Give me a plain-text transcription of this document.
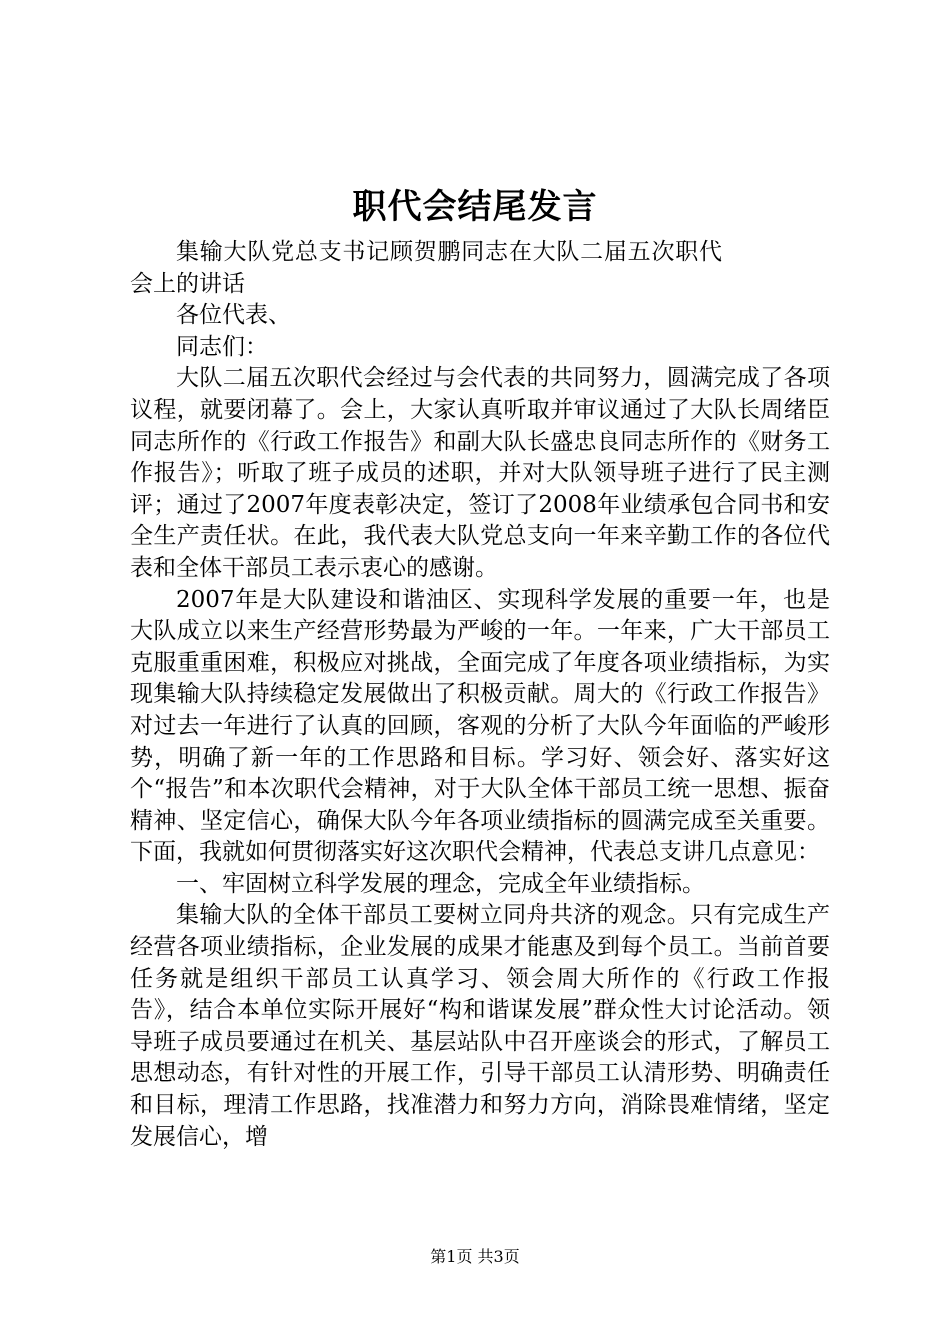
职代会结尾发言

集输大队党总支书记顾贺鹏同志在大队二届五次职代会上的讲话

各位代表、

同志们：

大队二届五次职代会经过与会代表的共同努力，圆满完成了各项议程，就要闭幕了。会上，大家认真听取并审议通过了大队长周绪臣同志所作的《行政工作报告》和副大队长盛忠良同志所作的《财务工作报告》；听取了班子成员的述职，并对大队领导班子进行了民主测评；通过了2007年度表彰决定，签订了2008年业绩承包合同书和安全生产责任状。在此，我代表大队党总支向一年来辛勤工作的各位代表和全体干部员工表示衷心的感谢。

2007年是大队建设和谐油区、实现科学发展的重要一年，也是大队成立以来生产经营形势最为严峻的一年。一年来，广大干部员工克服重重困难，积极应对挑战，全面完成了年度各项业绩指标，为实现集输大队持续稳定发展做出了积极贡献。周大的《行政工作报告》对过去一年进行了认真的回顾，客观的分析了大队今年面临的严峻形势，明确了新一年的工作思路和目标。学习好、领会好、落实好这个“报告”和本次职代会精神，对于大队全体干部员工统一思想、振奋精神、坚定信心，确保大队今年各项业绩指标的圆满完成至关重要。下面，我就如何贯彻落实好这次职代会精神，代表总支讲几点意见：

一、牢固树立科学发展的理念，完成全年业绩指标。

集输大队的全体干部员工要树立同舟共济的观念。只有完成生产经营各项业绩指标，企业发展的成果才能惠及到每个员工。当前首要任务就是组织干部员工认真学习、领会周大所作的《行政工作报告》，结合本单位实际开展好“构和谐谋发展”群众性大讨论活动。领导班子成员要通过在机关、基层站队中召开座谈会的形式，了解员工思想动态，有针对性的开展工作，引导干部员工认清形势、明确责任和目标，理清工作思路，找准潜力和努力方向，消除畏难情绪，坚定发展信心，增

第1页 共3页
